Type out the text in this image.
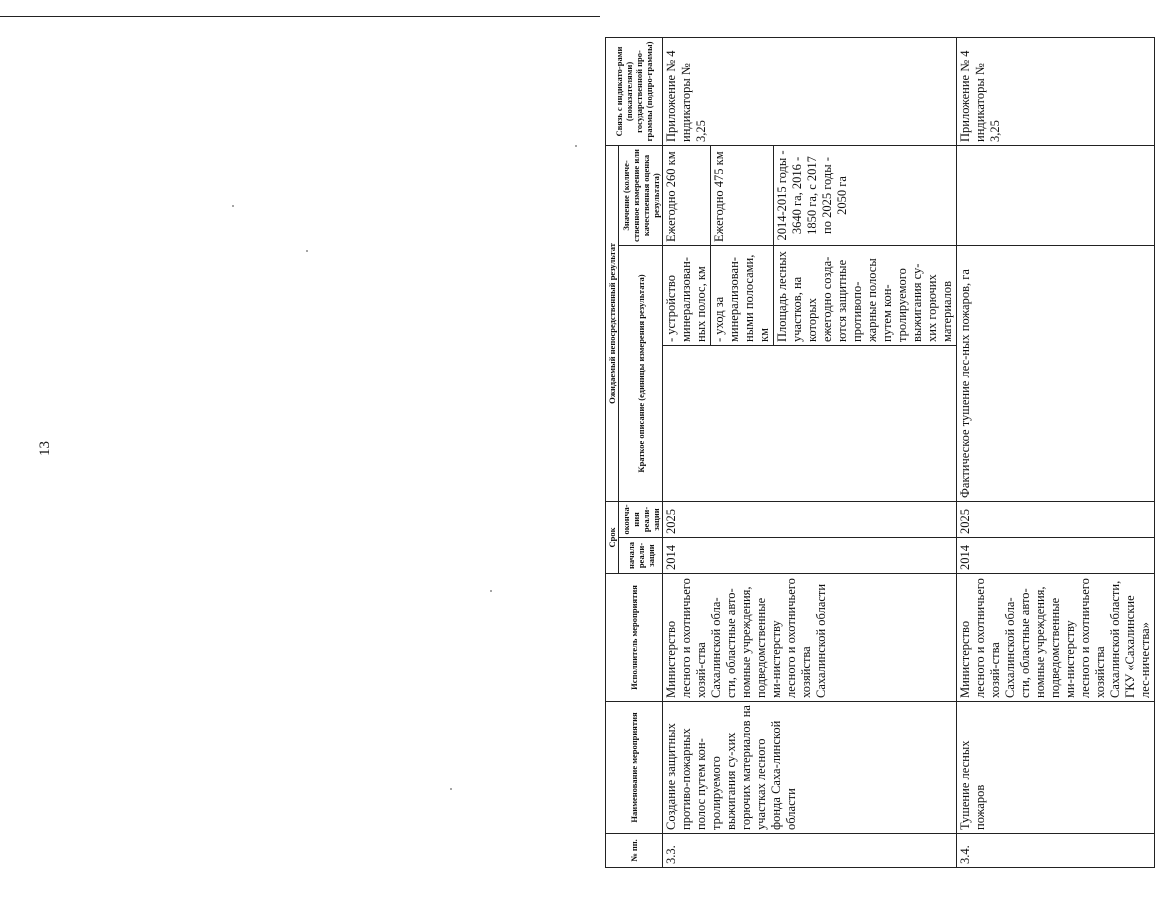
13
№ пп.	Наименование мероприятия	Исполнитель мероприятия	Срок		Ожидаемый непосредственный результат			Связь с индикато-рами (показателями) государственной про-граммы (подпро-граммы)
			начала реали-зации	оконча-ния реали-зации	Краткое описание (единицы измерения результата)		Значение (количе-ственное измерение или качественная оценка результата)	
3.3.	Создание защитных противо-пожарных полос путем кон-тролируемого выжигания су-хих горючих материалов на участках лесного фонда Саха-линской области	Министерство лесного и охотничьего хозяй-ства Сахалинской обла-сти, областные авто-номные учреждения, подведомственные ми-нистерству лесного и охотничьего хозяйства Сахалинской области	2014	2025		- устройство минерализован-ных полос, км	Ежегодно 260 км	Приложение № 4 индикаторы № 3,25
						- уход за минерализован-ными полосами, км	Ежегодно 475 км	
						Площадь лесных участков, на которых ежегодно созда-ются защитные противопо-жарные полосы путем кон-тролируемого выжигания су-хих горючих материалов	2014-2015 годы - 3640 га, 2016 - 1850 га, с 2017 по 2025 годы - 2050 га	
3.4.	Тушение лесных пожаров	Министерство лесного и охотничьего хозяй-ства Сахалинской обла-сти, областные авто-номные учреждения, подведомственные ми-нистерству лесного и охотничьего хозяйства Сахалинской области, ГКУ «Сахалинские лес-ничества»	2014	2025	Фактическое тушение лес-ных пожаров, га			Приложение № 4 индикаторы № 3,25
